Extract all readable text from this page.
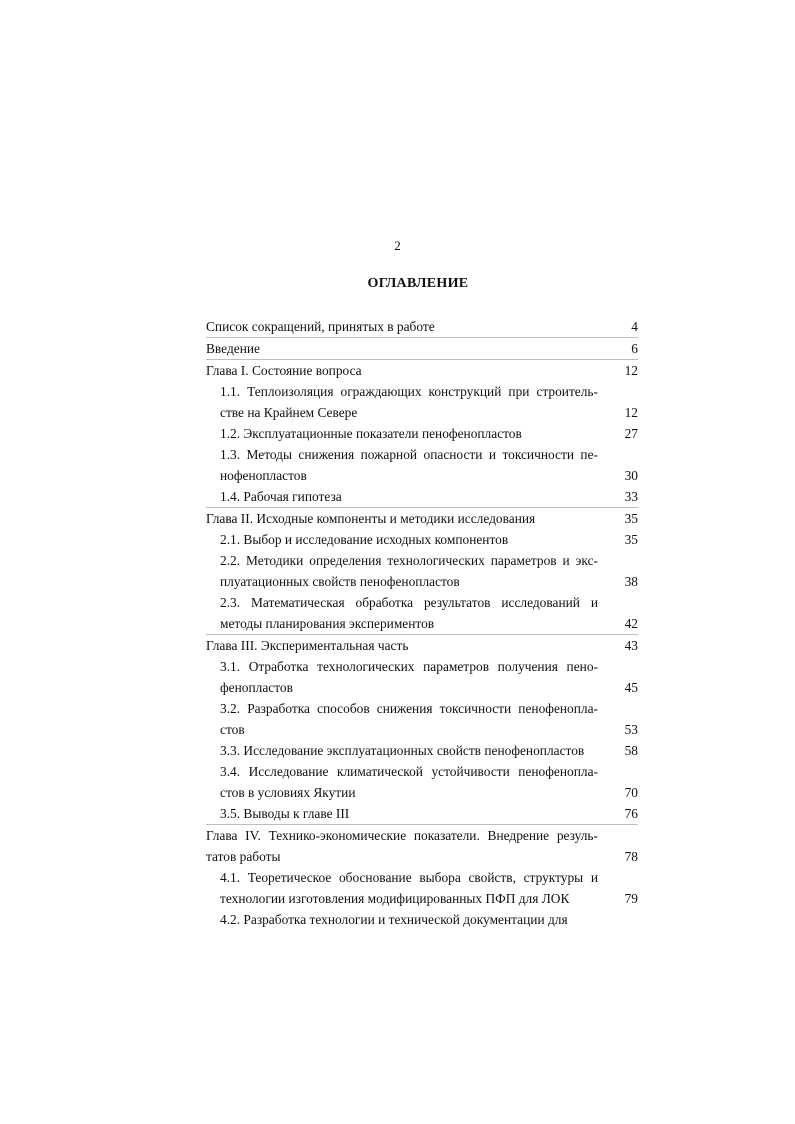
2
ОГЛАВЛЕНИЕ
Список сокращений, принятых в работе	4
Введение	6
Глава I. Состояние вопроса	12
1.1. Теплоизоляция ограждающих конструкций при строитель-стве на Крайнем Севере	12
1.2. Эксплуатационные показатели пенофенопластов	27
1.3. Методы снижения пожарной опасности и токсичности пе-нофенопластов	30
1.4. Рабочая гипотеза	33
Глава II. Исходные компоненты и методики исследования	35
2.1. Выбор и исследование исходных компонентов	35
2.2. Методики определения технологических параметров и экс-плуатационных свойств пенофенопластов	38
2.3. Математическая обработка результатов исследований и методы планирования экспериментов	42
Глава III. Экспериментальная часть	43
3.1. Отработка технологических параметров получения пено-фенопластов	45
3.2. Разработка способов снижения токсичности пенофенопла-стов	53
3.3. Исследование эксплуатационных свойств пенофенопластов	58
3.4. Исследование климатической устойчивости пенофенопла-стов в условиях Якутии	70
3.5. Выводы к главе III	76
Глава IV. Технико-экономические показатели. Внедрение резуль-татов работы	78
4.1. Теоретическое обоснование выбора свойств, структуры и технологии изготовления модифицированных ПФП для ЛОК	79
4.2. Разработка технологии и технической документации для
